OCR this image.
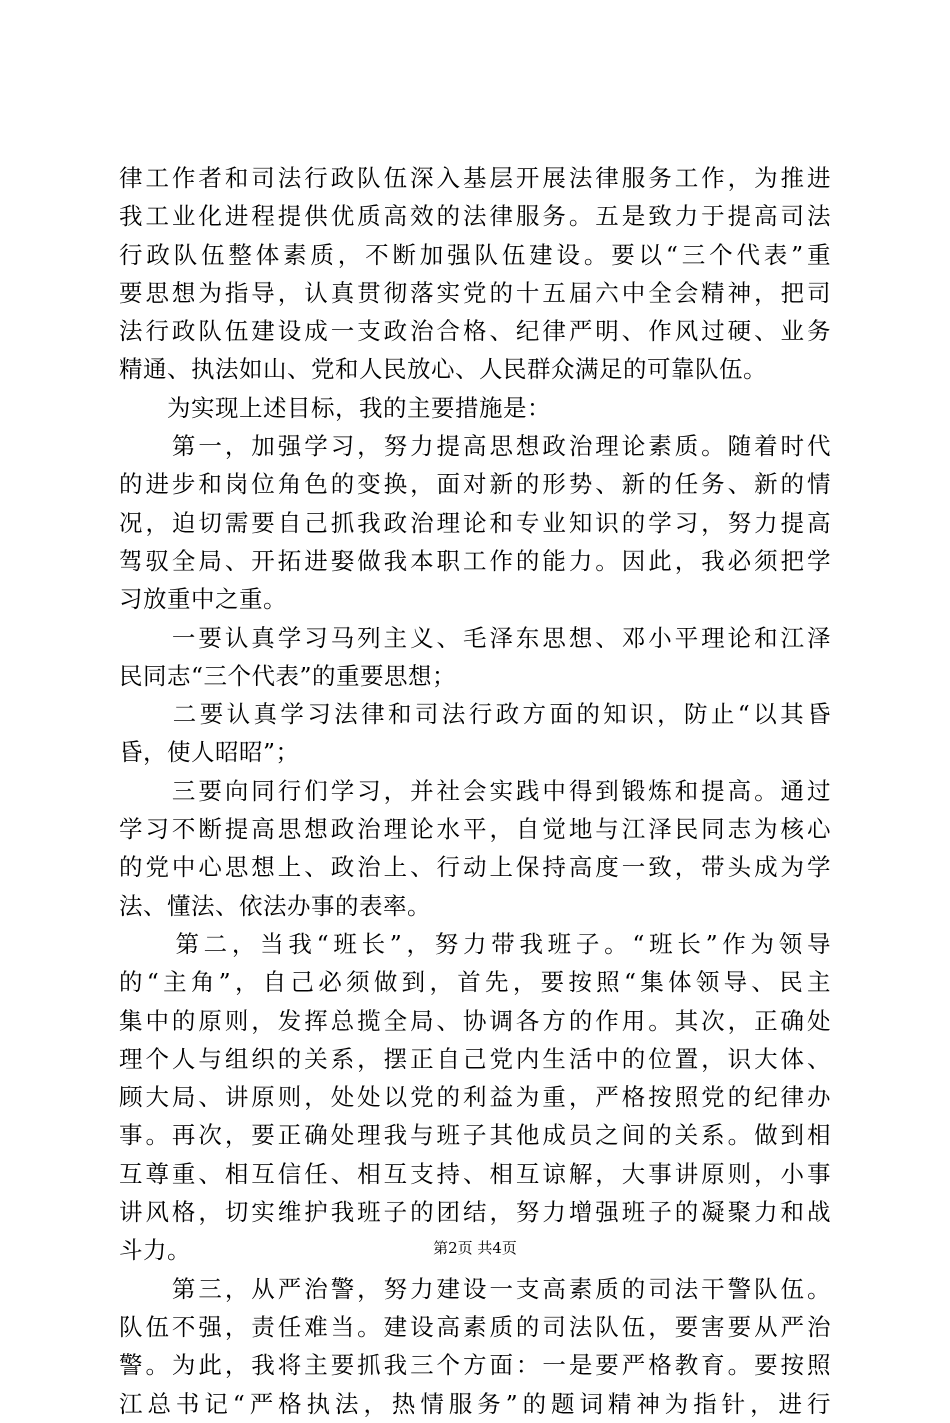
律工作者和司法行政队伍深入基层开展法律服务工作，为推进
我工业化进程提供优质高效的法律服务。五是致力于提高司法
行政队伍整体素质，不断加强队伍建设。要以“三个代表”重
要思想为指导，认真贯彻落实党的十五届六中全会精神，把司
法行政队伍建设成一支政治合格、纪律严明、作风过硬、业务
精通、执法如山、党和人民放心、人民群众满足的可靠队伍。
　　为实现上述目标，我的主要措施是：
　　第一，加强学习，努力提高思想政治理论素质。随着时代
的进步和岗位角色的变换，面对新的形势、新的任务、新的情
况，迫切需要自己抓我政治理论和专业知识的学习，努力提高
驾驭全局、开拓进娶做我本职工作的能力。因此，我必须把学
习放重中之重。
　　一要认真学习马列主义、毛泽东思想、邓小平理论和江泽
民同志“三个代表”的重要思想；
　　二要认真学习法律和司法行政方面的知识，防止“以其昏
昏，使人昭昭”；
　　三要向同行们学习，并社会实践中得到锻炼和提高。通过
学习不断提高思想政治理论水平，自觉地与江泽民同志为核心
的党中心思想上、政治上、行动上保持高度一致，带头成为学
法、懂法、依法办事的表率。
　　第二，当我“班长”，努力带我班子。“班长”作为领导
的“主角”，自己必须做到，首先，要按照“集体领导、民主
集中的原则，发挥总揽全局、协调各方的作用。其次，正确处
理个人与组织的关系，摆正自己党内生活中的位置，识大体、
顾大局、讲原则，处处以党的利益为重，严格按照党的纪律办
事。再次，要正确处理我与班子其他成员之间的关系。做到相
互尊重、相互信任、相互支持、相互谅解，大事讲原则，小事
讲风格，切实维护我班子的团结，努力增强班子的凝聚力和战
斗力。
　　第三，从严治警，努力建设一支高素质的司法干警队伍。
队伍不强，责任难当。建设高素质的司法队伍，要害要从严治
警。为此，我将主要抓我三个方面：一是要严格教育。要按照
江总书记“严格执法，热情服务”的题词精神为指针，进行
第2页 共4页
